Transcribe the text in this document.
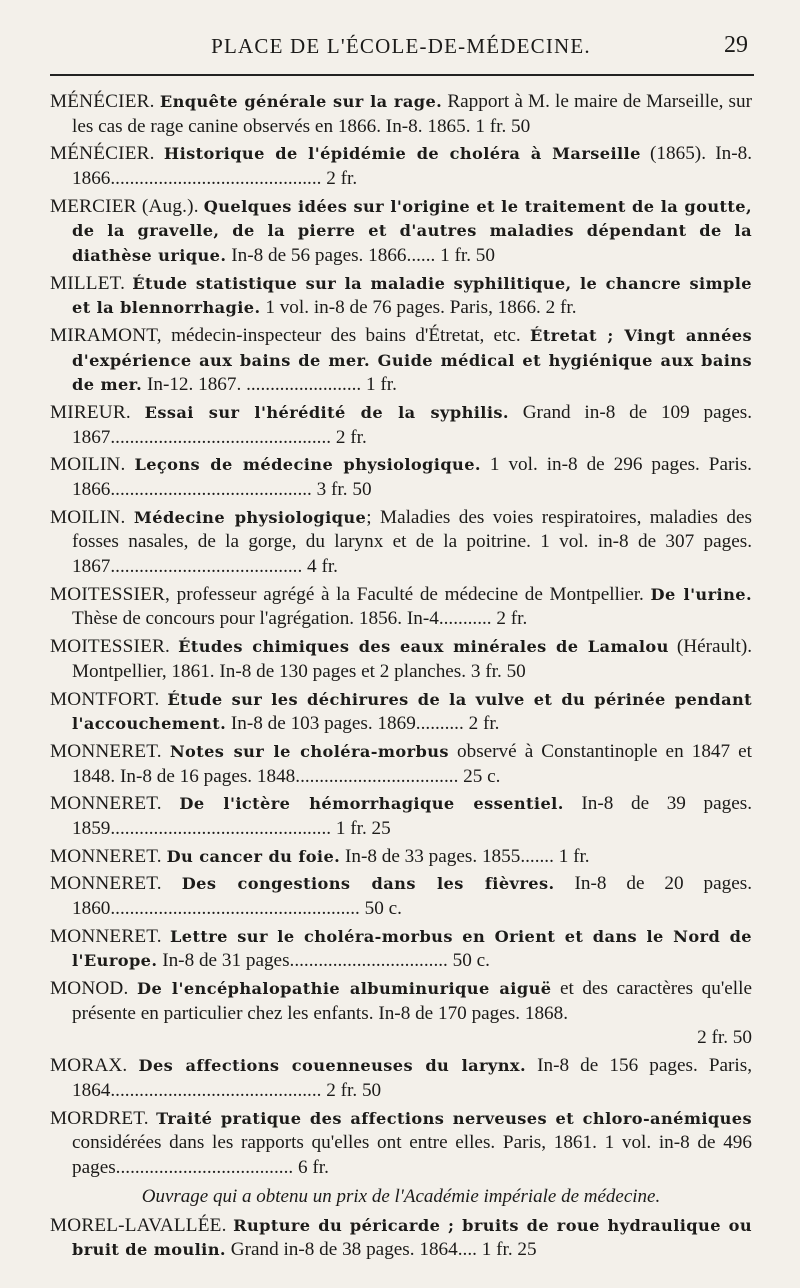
PLACE DE L'ÉCOLE-DE-MÉDECINE.	29

MÉNÉCIER. Enquête générale sur la rage. Rapport à M. le maire de Marseille, sur les cas de rage canine observés en 1866. In-8. 1865. 1 fr. 50

MÉNÉCIER. Historique de l'épidémie de choléra à Marseille (1865). In-8. 1866............................................ 2 fr.

MERCIER (Aug.). Quelques idées sur l'origine et le traitement de la goutte, de la gravelle, de la pierre et d'autres maladies dépendant de la diathèse urique. In-8 de 56 pages. 1866...... 1 fr. 50

MILLET. Étude statistique sur la maladie syphilitique, le chancre simple et la blennorrhagie. 1 vol. in-8 de 76 pages. Paris, 1866. 2 fr.

MIRAMONT, médecin-inspecteur des bains d'Étretat, etc. Étretat ; Vingt années d'expérience aux bains de mer. Guide médical et hygiénique aux bains de mer. In-12. 1867. ........................ 1 fr.

MIREUR. Essai sur l'hérédité de la syphilis. Grand in-8 de 109 pages. 1867.............................................. 2 fr.

MOILIN. Leçons de médecine physiologique. 1 vol. in-8 de 296 pages. Paris. 1866.......................................... 3 fr. 50

MOILIN. Médecine physiologique; Maladies des voies respiratoires, maladies des fosses nasales, de la gorge, du larynx et de la poitrine. 1 vol. in-8 de 307 pages. 1867........................................ 4 fr.

MOITESSIER, professeur agrégé à la Faculté de médecine de Montpellier. De l'urine. Thèse de concours pour l'agrégation. 1856. In-4........... 2 fr.

MOITESSIER. Études chimiques des eaux minérales de Lamalou (Hérault). Montpellier, 1861. In-8 de 130 pages et 2 planches. 3 fr. 50

MONTFORT. Étude sur les déchirures de la vulve et du périnée pendant l'accouchement. In-8 de 103 pages. 1869.......... 2 fr.

MONNERET. Notes sur le choléra-morbus observé à Constantinople en 1847 et 1848. In-8 de 16 pages. 1848.................................. 25 c.

MONNERET. De l'ictère hémorrhagique essentiel. In-8 de 39 pages. 1859.............................................. 1 fr. 25

MONNERET. Du cancer du foie. In-8 de 33 pages. 1855....... 1 fr.

MONNERET. Des congestions dans les fièvres. In-8 de 20 pages. 1860.................................................... 50 c.

MONNERET. Lettre sur le choléra-morbus en Orient et dans le Nord de l'Europe. In-8 de 31 pages................................. 50 c.

MONOD. De l'encéphalopathie albuminurique aiguë et des caractères qu'elle présente en particulier chez les enfants. In-8 de 170 pages. 1868.
2 fr. 50

MORAX. Des affections couenneuses du larynx. In-8 de 156 pages. Paris, 1864............................................ 2 fr. 50

MORDRET. Traité pratique des affections nerveuses et chloro-anémiques considérées dans les rapports qu'elles ont entre elles. Paris, 1861. 1 vol. in-8 de 496 pages..................................... 6 fr.

Ouvrage qui a obtenu un prix de l'Académie impériale de médecine.

MOREL-LAVALLÉE. Rupture du péricarde ; bruits de roue hydraulique ou bruit de moulin. Grand in-8 de 38 pages. 1864.... 1 fr. 25
